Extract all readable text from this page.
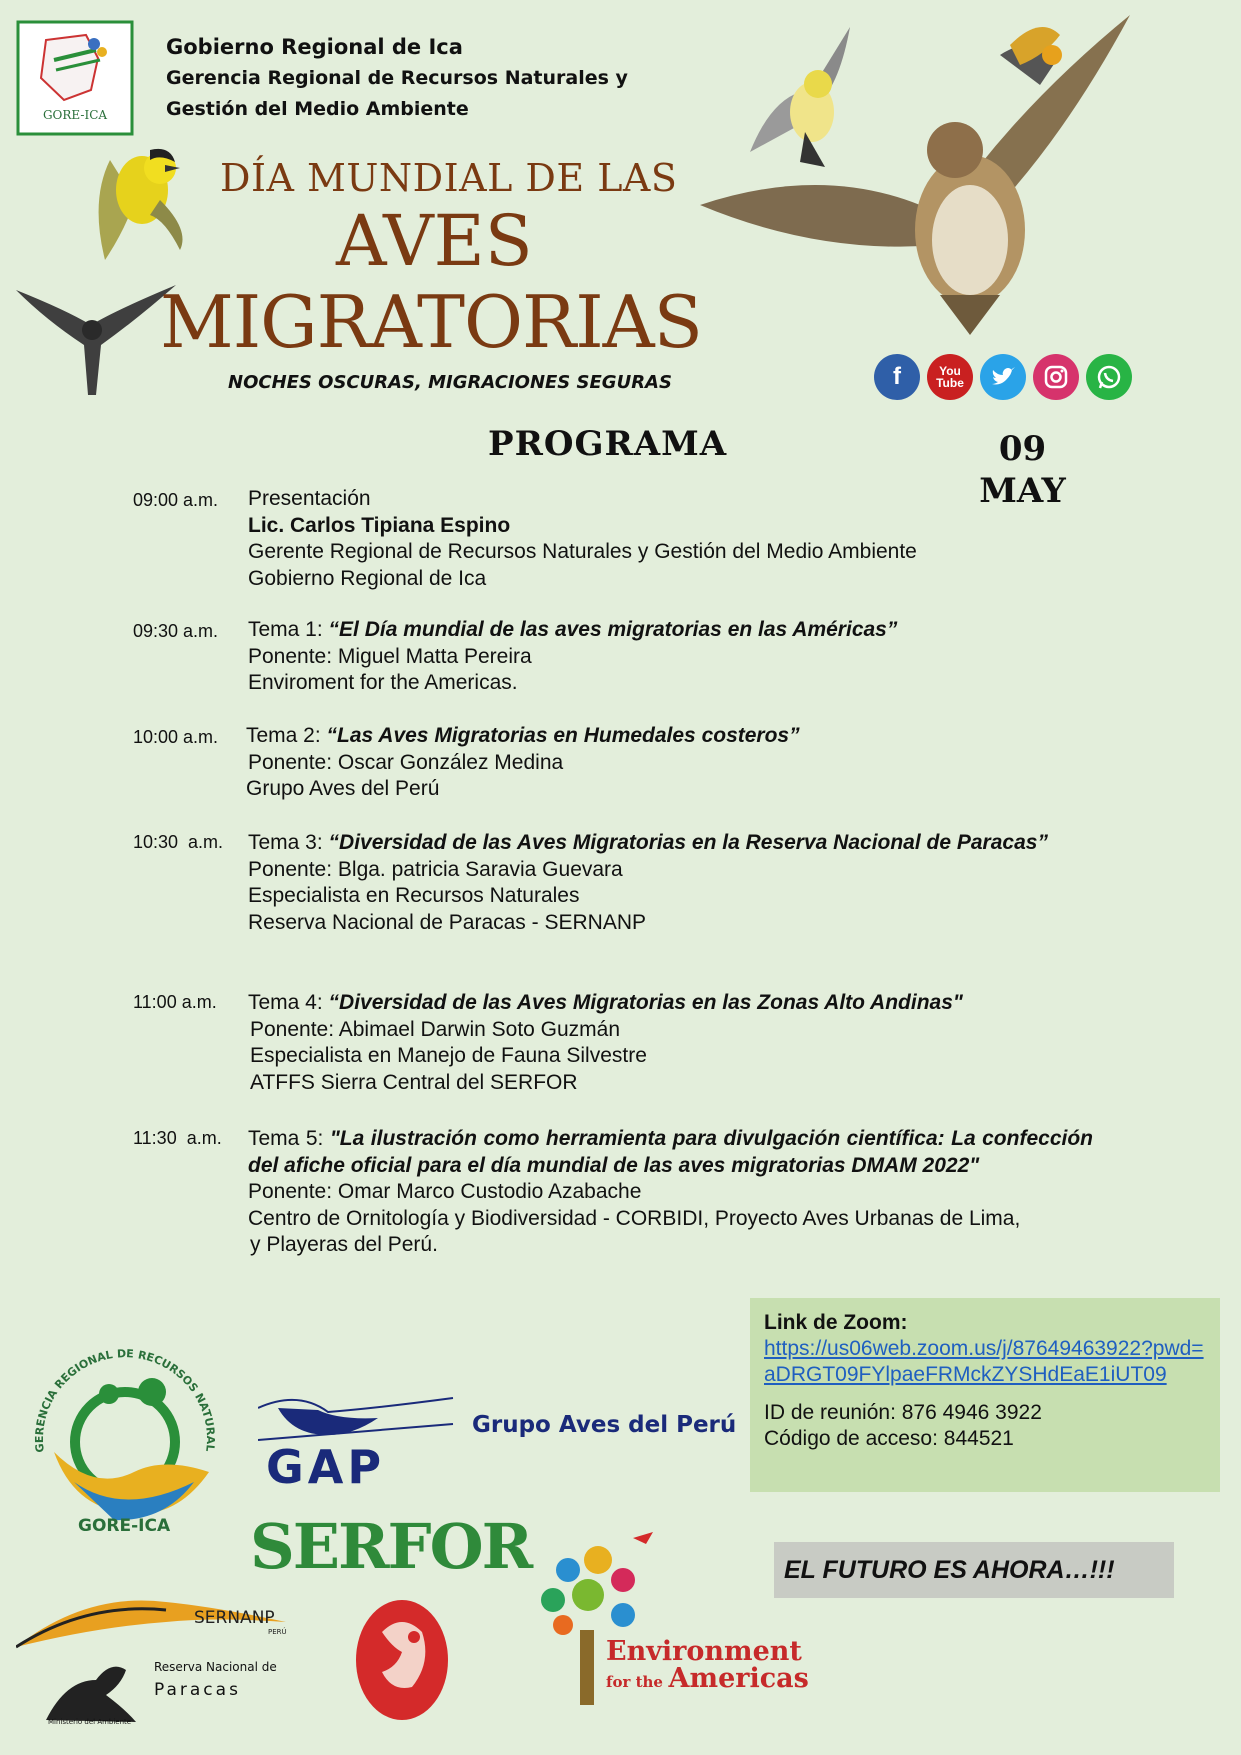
GORE-ICA
Gobierno Regional de Ica
Gerencia Regional de Recursos Naturales y
Gestión del Medio Ambiente
DÍA MUNDIAL DE LAS
AVES
MIGRATORIAS
NOCHES OSCURAS, MIGRACIONES SEGURAS	f	You
Tube
PROGRAMA	09
MAY
09:00 a.m.	Presentación
Lic. Carlos Tipiana Espino
Gerente Regional de Recursos Naturales y Gestión del Medio Ambiente
Gobierno Regional de Ica
09:30 a.m.	Tema 1: “El Día mundial de las aves migratorias en las Américas”
Ponente: Miguel Matta Pereira
Enviroment for the Americas.
10:00 a.m.	Tema 2: “Las Aves Migratorias en Humedales costeros”
Ponente: Oscar González Medina
Grupo Aves del Perú
10:30  a.m.	Tema 3: “Diversidad de las Aves Migratorias en la Reserva Nacional de Paracas”
Ponente: Blga. patricia Saravia Guevara
Especialista en Recursos Naturales
Reserva Nacional de Paracas - SERNANP
11:00 a.m.	Tema 4: “Diversidad de las Aves Migratorias en las Zonas Alto Andinas"
Ponente: Abimael Darwin Soto Guzmán
Especialista en Manejo de Fauna Silvestre
ATFFS Sierra Central del SERFOR
11:30  a.m.	Tema 5: "La ilustración como herramienta para divulgación científica: La confección del afiche oficial para el día mundial de las aves migratorias DMAM 2022"
Ponente: Omar Marco Custodio Azabache
Centro de Ornitología y Biodiversidad - CORBIDI, Proyecto Aves Urbanas de Lima,
y Playeras del Perú.
Link de Zoom:
https://us06web.zoom.us/j/87649463922?pwd=aDRGT09FYlpaeFRMckZYSHdEaE1iUT09
ID de reunión: 876 4946 3922
Código de acceso: 844521
GERENCIA REGIONAL DE RECURSOS NATURAL
GORE-ICA
GAP
Grupo Aves del Perú
SERFOR
SERNANP
PERÚ
Reserva Nacional de
Paracas
Ministerio del Ambiente
Environment
for the Americas
EL FUTURO ES AHORA…!!!
